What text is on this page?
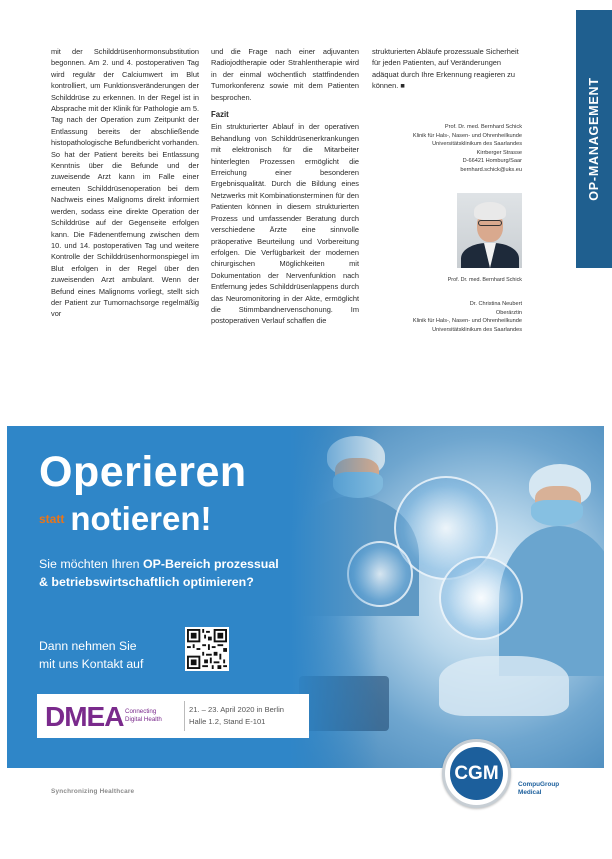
mit der Schilddrüsenhormonsubstitution begonnen. Am 2. und 4. postoperativen Tag wird regulär der Calciumwert im Blut kontrolliert, um Funktionsveränderungen der Schilddrüse zu erkennen. In der Regel ist in Absprache mit der Klinik für Pathologie am 5. Tag nach der Operation zum Zeitpunkt der Entlassung bereits der abschließende histopathologische Befundbericht vorhanden. So hat der Patient bereits bei Entlassung Kenntnis über die Befunde und der zuweisende Arzt kann im Falle einer erneuten Schilddrüsenoperation bei dem Nachweis eines Malignoms direkt informiert werden, sodass eine direkte Operation der Schilddrüse auf der Gegenseite erfolgen kann. Die Fädenentfernung zwischen dem 10. und 14. postoperativen Tag und weitere Kontrolle der Schilddrüsenhormonspiegel im Blut erfolgen in der Regel über den zuweisenden Arzt ambulant. Wenn der Befund eines Malignoms vorliegt, stellt sich der Patient zur Tumornachsorge regelmäßig vor

und die Frage nach einer adjuvanten Radiojodtherapie oder Strahlentherapie wird in der einmal wöchentlich stattfindenden Tumorkonferenz sowie mit dem Patienten besprochen.

Fazit

Ein strukturierter Ablauf in der operativen Behandlung von Schilddrüsenerkrankungen mit elektronisch für die Mitarbeiter hinterlegten Prozessen ermöglicht die Erreichung einer besonderen Ergebnisqualität. Durch die Bildung eines Netzwerks mit Kombinationsterminen für den Patienten können in diesem strukturierten Prozess und umfassender Beratung durch verschiedene Ärzte eine sinnvolle präoperative Beurteilung und Vorbereitung erfolgen. Die Verfügbarkeit der modernen chirurgischen Möglichkeiten mit Dokumentation der Nervenfunktion nach Entfernung jedes Schilddrüsenlappens durch das Neuromonitoring in der Akte, ermöglicht die Stimmbandnervenschonung. Im postoperativen Verlauf schaffen die

strukturierten Abläufe prozessuale Sicherheit für jeden Patienten, auf Veränderungen adäquat durch Ihre Erkennung reagieren zu können. ■	OP-MANAGEMENT
Prof. Dr. med. Bernhard Schick
Klinik für Hals-, Nasen- und Ohrenheilkunde
Universitätsklinikum des Saarlandes
Kirrberger Strasse
D-66421 Homburg/Saar
bernhard.schick@uks.eu
Prof. Dr. med. Bernhard Schick
Dr. Christina Neubert
Oberärztin
Klinik für Hals-, Nasen- und Ohrenheilkunde
Universitätsklinikum des Saarlandes
Operieren
statt notieren!
Sie möchten Ihren OP-Bereich prozessual & betriebswirtschaftlich optimieren?
Dann nehmen Sie
mit uns Kontakt auf
DMEA Connecting
Digital Health
21. – 23. April 2020 in Berlin
Halle 1.2, Stand E-101
Synchronizing Healthcare
CGM
CompuGroup
Medical
